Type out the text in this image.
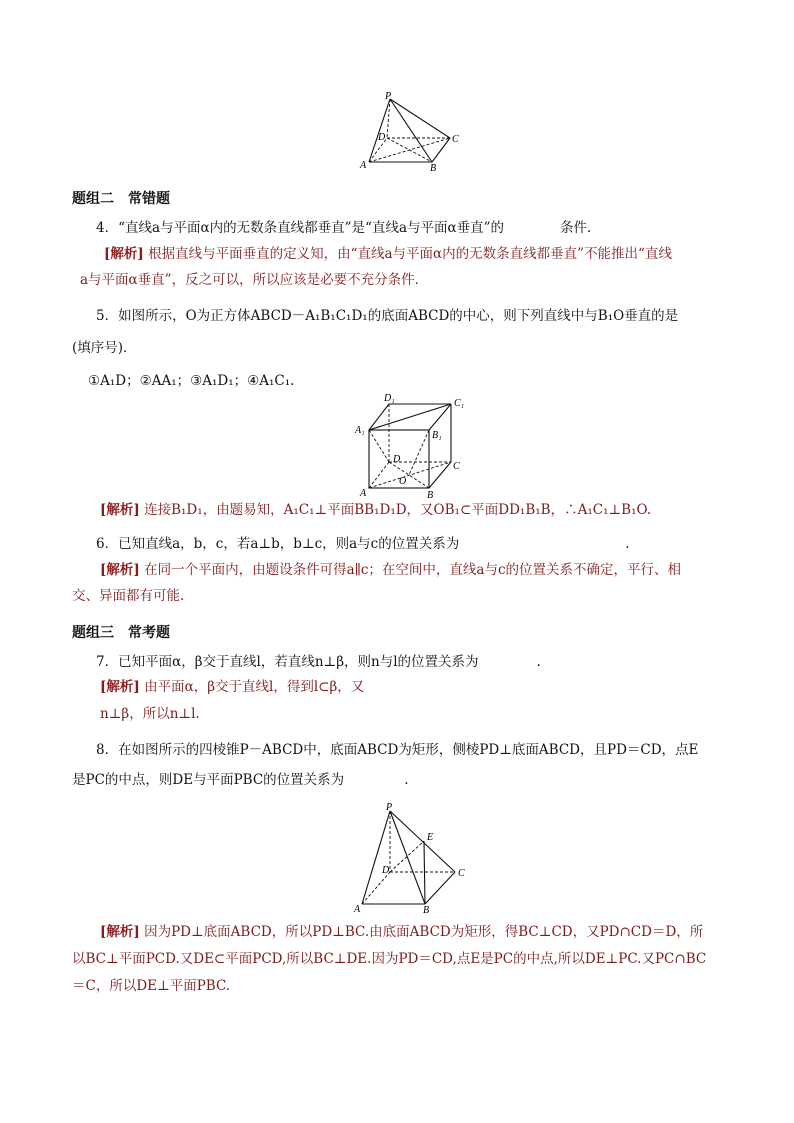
P
D	C
A	B
题组二　常错题
4．“直线a与平面α内的无数条直线都垂直”是“直线a与平面α垂直”的	条件．
[解析] 根据直线与平面垂直的定义知，由“直线a与平面α内的无数条直线都垂直”不能推出“直线
a与平面α垂直”，反之可以，所以应该是必要不充分条件．
5．如图所示，O为正方体ABCD－A₁B₁C₁D₁的底面ABCD的中心，则下列直线中与B₁O垂直的是
(填序号)．
①A₁D；②AA₁；③A₁D₁；④A₁C₁.
D₁	C₁
A₁	B₁
D
C
O
A	B
[解析] 连接B₁D₁，由题易知，A₁C₁⊥平面BB₁D₁D，又OB₁⊂平面DD₁B₁B，∴A₁C₁⊥B₁O.
6．已知直线a，b，c，若a⊥b，b⊥c，则a与c的位置关系为	.
[解析] 在同一个平面内，由题设条件可得a∥c；在空间中，直线a与c的位置关系不确定，平行、相
交、异面都有可能.
题组三　常考题
7．已知平面α，β交于直线l，若直线n⊥β，则n与l的位置关系为	.
[解析] 由平面α，β交于直线l，得到l⊂β，又
n⊥β，所以n⊥l.
8．在如图所示的四棱锥P－ABCD中，底面ABCD为矩形，侧棱PD⊥底面ABCD，且PD＝CD，点E
是PC的中点，则DE与平面PBC的位置关系为	.
P
E
D	C
A	B
[解析] 因为PD⊥底面ABCD，所以PD⊥BC.由底面ABCD为矩形，得BC⊥CD，又PD∩CD＝D，所
以BC⊥平面PCD.又DE⊂平面PCD,所以BC⊥DE.因为PD＝CD,点E是PC的中点,所以DE⊥PC.又PC∩BC
＝C，所以DE⊥平面PBC.
